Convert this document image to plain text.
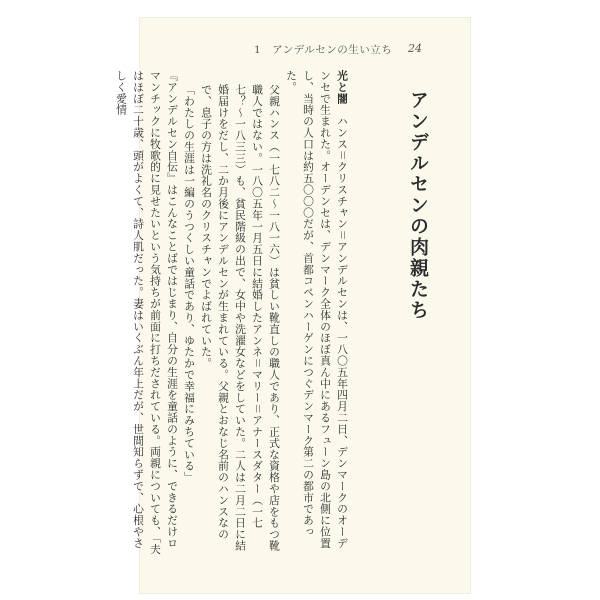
1　アンデルセンの生い立ち 24
アンデルセンの肉親たち
光と闇　ハンス＝クリスチャン＝アンデルセンは、一八〇五年四月二日、デンマークのオーデンセで生まれた。オーデンセは、デンマーク全体のほぼ真ん中にあるフューン島の北側に位置し、当時の人口は約五〇〇〇だが、首都コペンハーゲンにつぐデンマーク第二の都市であった。
父親ハンス（一七八二〜一八一六）は貧しい靴直しの職人であり、正式な資格や店をもつ靴職人ではない。一八〇五年一月五日に結婚したアンネ＝マリー＝アナースダター（一七七？〜一八三三）も、貧民階級の出で、女中や洗濯女などをしていた。二人は二月二日に結婚届けをだし、二か月後にアンデルセンが生まれている。父親とおなじ名前のハンスなので、息子の方は洗礼名のクリスチャンでよばれていた。
「わたしの生涯は一編のうつくしい童話であり、ゆたかで幸福にみちている」
『アンデルセン自伝』はこんなことばではじまり、自分の生涯を童話のように、できるだけロマンチックに牧歌的に見せたいという気持ちが前面に打ちだされている。両親についても、「夫はほぼ二十歳、頭がよくて、詩人肌だった。妻はいくぶん年上だが、世間知らずで、心根やさしく愛情
